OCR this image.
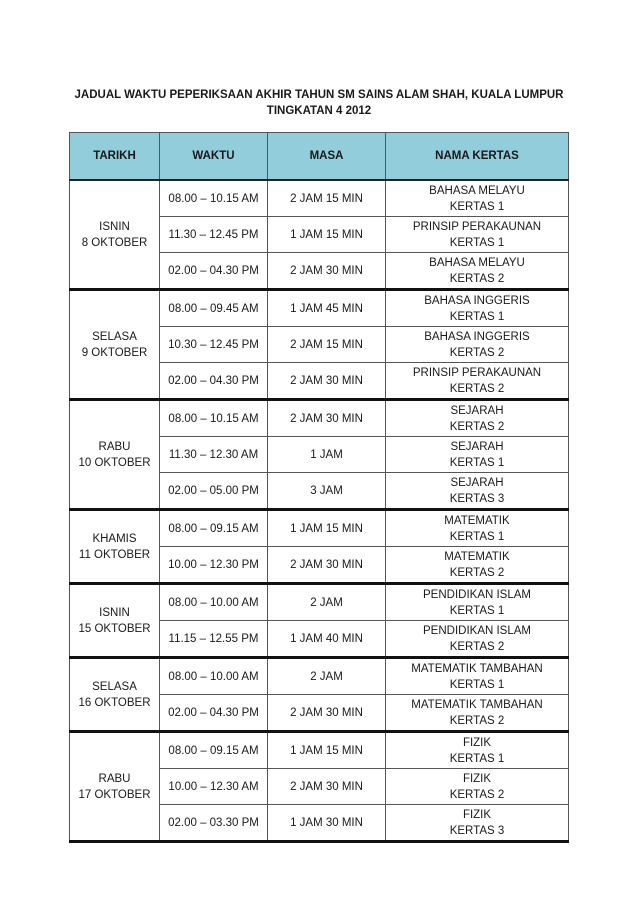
JADUAL WAKTU PEPERIKSAAN AKHIR TAHUN SM SAINS ALAM SHAH, KUALA LUMPUR
TINGKATAN 4 2012
TARIKH	WAKTU	MASA	NAMA KERTAS

ISNIN
8 OKTOBER	08.00 – 10.15 AM	2 JAM 15 MIN	BAHASA MELAYU
KERTAS 1

	11.30 – 12.45 PM	1 JAM 15 MIN	PRINSIP PERAKAUNAN
KERTAS 1

	02.00 – 04.30 PM	2 JAM 30 MIN	BAHASA MELAYU
KERTAS 2

SELASA
9 OKTOBER	08.00 – 09.45 AM	1 JAM 45 MIN	BAHASA INGGERIS
KERTAS 1

	10.30 – 12.45 PM	2 JAM 15 MIN	BAHASA INGGERIS
KERTAS 2

	02.00 – 04.30 PM	2 JAM 30 MIN	PRINSIP PERAKAUNAN
KERTAS 2

RABU
10 OKTOBER	08.00 – 10.15 AM	2 JAM 30 MIN	SEJARAH
KERTAS 2

	11.30 – 12.30 AM	1 JAM	SEJARAH
KERTAS 1

	02.00 – 05.00 PM	3 JAM	SEJARAH
KERTAS 3

KHAMIS
11 OKTOBER	08.00 – 09.15 AM	1 JAM 15 MIN	MATEMATIK
KERTAS 1

	10.00 – 12.30 PM	2 JAM 30 MIN	MATEMATIK
KERTAS 2

ISNIN
15 OKTOBER	08.00 – 10.00 AM	2 JAM	PENDIDIKAN ISLAM
KERTAS 1

	11.15 – 12.55 PM	1 JAM 40 MIN	PENDIDIKAN ISLAM
KERTAS 2

SELASA
16 OKTOBER	08.00 – 10.00 AM	2 JAM	MATEMATIK TAMBAHAN
KERTAS 1

	02.00 – 04.30 PM	2 JAM 30 MIN	MATEMATIK TAMBAHAN
KERTAS 2

RABU
17 OKTOBER	08.00 – 09.15 AM	1 JAM 15 MIN	FIZIK
KERTAS 1

	10.00 – 12.30 AM	2 JAM 30 MIN	FIZIK
KERTAS 2

	02.00 – 03.30 PM	1 JAM 30 MIN	FIZIK
KERTAS 3
